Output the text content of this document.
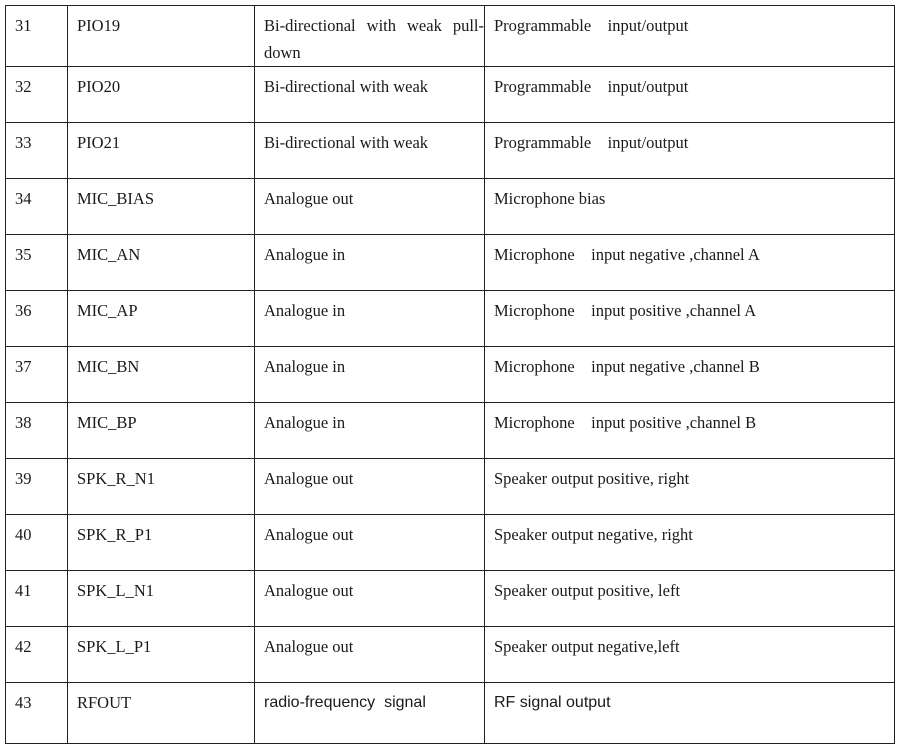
31	PIO19	Bi-directional with weak pull-down	Programmable    input/output
32	PIO20	Bi-directional with weak	Programmable    input/output
33	PIO21	Bi-directional with weak	Programmable    input/output
34	MIC_BIAS	Analogue out	Microphone bias
35	MIC_AN	Analogue in	Microphone    input negative ,channel A
36	MIC_AP	Analogue in	Microphone    input positive ,channel A
37	MIC_BN	Analogue in	Microphone    input negative ,channel B
38	MIC_BP	Analogue in	Microphone    input positive ,channel B
39	SPK_R_N1	Analogue out	Speaker output positive, right
40	SPK_R_P1	Analogue out	Speaker output negative, right
41	SPK_L_N1	Analogue out	Speaker output positive, left
42	SPK_L_P1	Analogue out	Speaker output negative,left
43	RFOUT	radio-frequency  signal	RF signal output
